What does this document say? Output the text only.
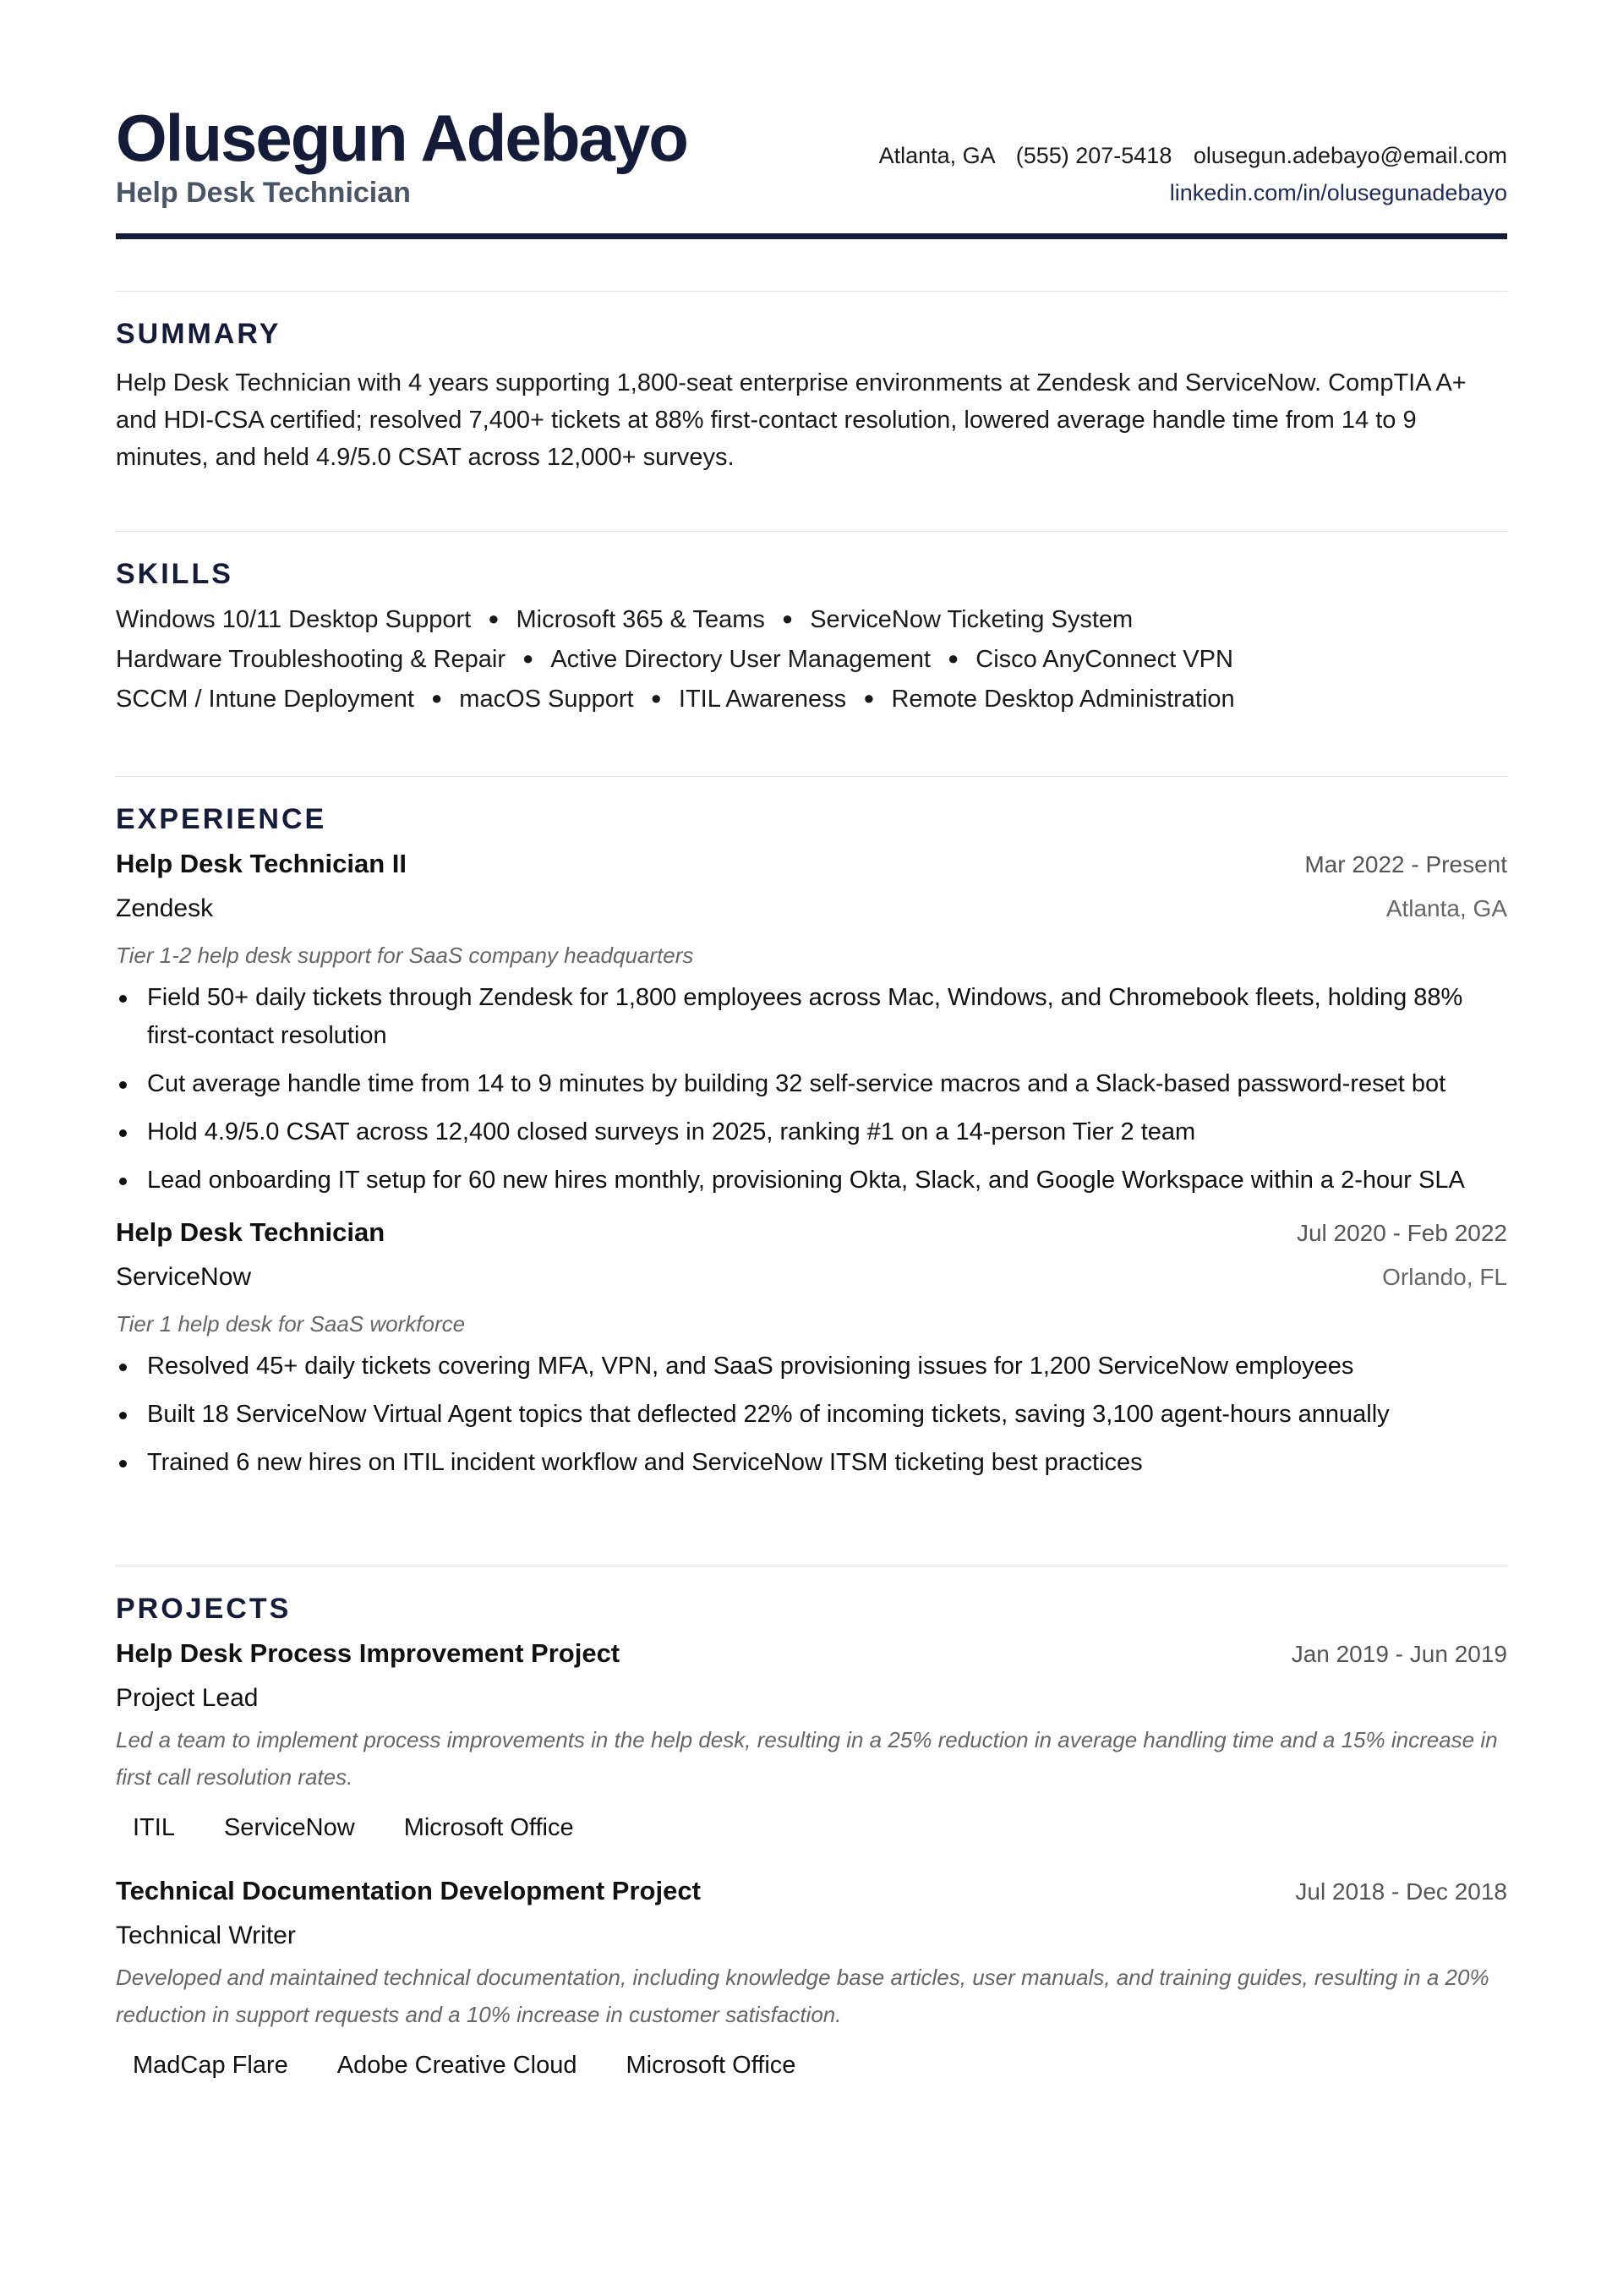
Olusegun Adebayo
Help Desk Technician
Atlanta, GA (555) 207-5418 olusegun.adebayo@email.com
linkedin.com/in/olusegunadebayo
SUMMARY
Help Desk Technician with 4 years supporting 1,800-seat enterprise environments at Zendesk and ServiceNow. CompTIA A+ and HDI-CSA certified; resolved 7,400+ tickets at 88% first-contact resolution, lowered average handle time from 14 to 9 minutes, and held 4.9/5.0 CSAT across 12,000+ surveys.
SKILLS
Windows 10/11 Desktop Support ● Microsoft 365 & Teams ● ServiceNow Ticketing System
Hardware Troubleshooting & Repair ● Active Directory User Management ● Cisco AnyConnect VPN
SCCM / Intune Deployment ● macOS Support ● ITIL Awareness ● Remote Desktop Administration
EXPERIENCE
Help Desk Technician II	Mar 2022 - Present
Zendesk	Atlanta, GA
Tier 1-2 help desk support for SaaS company headquarters
Field 50+ daily tickets through Zendesk for 1,800 employees across Mac, Windows, and Chromebook fleets, holding 88% first-contact resolution
Cut average handle time from 14 to 9 minutes by building 32 self-service macros and a Slack-based password-reset bot
Hold 4.9/5.0 CSAT across 12,400 closed surveys in 2025, ranking #1 on a 14-person Tier 2 team
Lead onboarding IT setup for 60 new hires monthly, provisioning Okta, Slack, and Google Workspace within a 2-hour SLA
Help Desk Technician	Jul 2020 - Feb 2022
ServiceNow	Orlando, FL
Tier 1 help desk for SaaS workforce
Resolved 45+ daily tickets covering MFA, VPN, and SaaS provisioning issues for 1,200 ServiceNow employees
Built 18 ServiceNow Virtual Agent topics that deflected 22% of incoming tickets, saving 3,100 agent-hours annually
Trained 6 new hires on ITIL incident workflow and ServiceNow ITSM ticketing best practices
PROJECTS
Help Desk Process Improvement Project	Jan 2019 - Jun 2019
Project Lead
Led a team to implement process improvements in the help desk, resulting in a 25% reduction in average handling time and a 15% increase in first call resolution rates.
ITIL	ServiceNow	Microsoft Office
Technical Documentation Development Project	Jul 2018 - Dec 2018
Technical Writer
Developed and maintained technical documentation, including knowledge base articles, user manuals, and training guides, resulting in a 20% reduction in support requests and a 10% increase in customer satisfaction.
MadCap Flare	Adobe Creative Cloud	Microsoft Office
